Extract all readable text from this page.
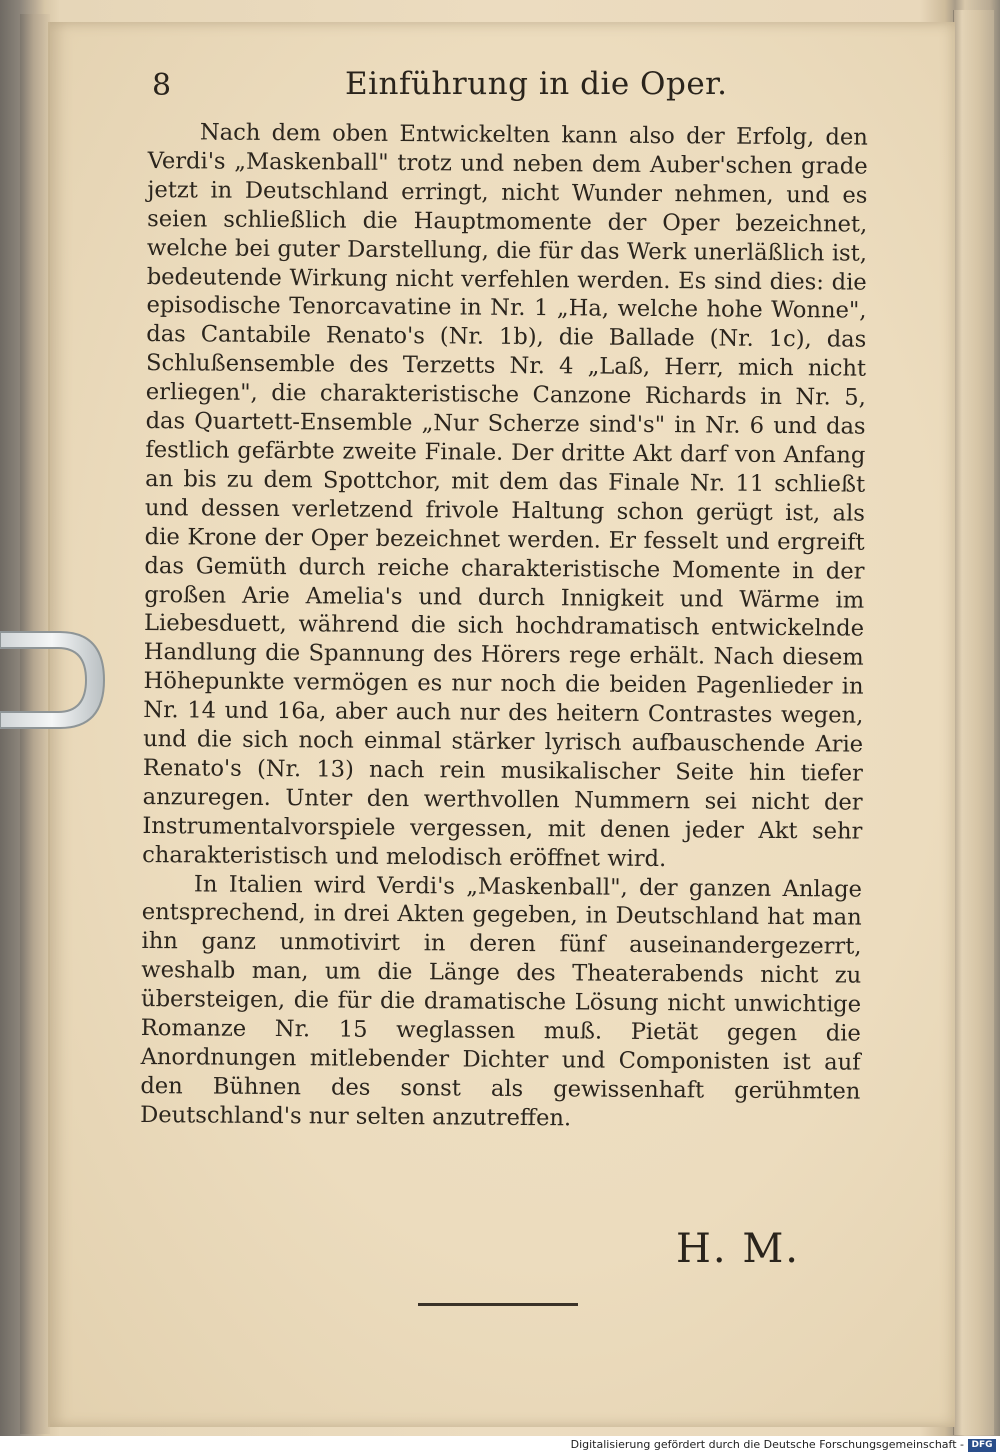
8	Einführung in die Oper.

Nach dem oben Entwickelten kann also der Erfolg, den Verdi's „Maskenball" trotz und neben dem Auber'schen grade jetzt in Deutschland erringt, nicht Wunder nehmen, und es seien schließlich die Hauptmomente der Oper bezeichnet, welche bei guter Darstellung, die für das Werk unerläßlich ist, bedeutende Wirkung nicht verfehlen werden. Es sind dies: die episodische Tenorcavatine in Nr. 1 „Ha, welche hohe Wonne", das Cantabile Renato's (Nr. 1b), die Ballade (Nr. 1c), das Schlußensemble des Terzetts Nr. 4 „Laß, Herr, mich nicht erliegen", die charakteristische Canzone Richards in Nr. 5, das Quartett-Ensemble „Nur Scherze sind's" in Nr. 6 und das festlich gefärbte zweite Finale. Der dritte Akt darf von Anfang an bis zu dem Spottchor, mit dem das Finale Nr. 11 schließt und dessen verletzend frivole Haltung schon gerügt ist, als die Krone der Oper bezeichnet werden. Er fesselt und ergreift das Gemüth durch reiche charakteristische Momente in der großen Arie Amelia's und durch Innigkeit und Wärme im Liebesduett, während die sich hochdramatisch entwickelnde Handlung die Spannung des Hörers rege erhält. Nach diesem Höhepunkte vermögen es nur noch die beiden Pagenlieder in Nr. 14 und 16a, aber auch nur des heitern Contrastes wegen, und die sich noch einmal stärker lyrisch aufbauschende Arie Renato's (Nr. 13) nach rein musikalischer Seite hin tiefer anzuregen. Unter den werthvollen Nummern sei nicht der Instrumentalvorspiele vergessen, mit denen jeder Akt sehr charakteristisch und melodisch eröffnet wird.

In Italien wird Verdi's „Maskenball", der ganzen Anlage entsprechend, in drei Akten gegeben, in Deutschland hat man ihn ganz unmotivirt in deren fünf auseinandergezerrt, weshalb man, um die Länge des Theaterabends nicht zu übersteigen, die für die dramatische Lösung nicht unwichtige Romanze Nr. 15 weglassen muß. Pietät gegen die Anordnungen mitlebender Dichter und Componisten ist auf den Bühnen des sonst als gewissenhaft gerühmten Deutschland's nur selten anzutreffen.

H. M.
Digitalisierung gefördert durch die Deutsche Forschungsgemeinschaft - DFG
